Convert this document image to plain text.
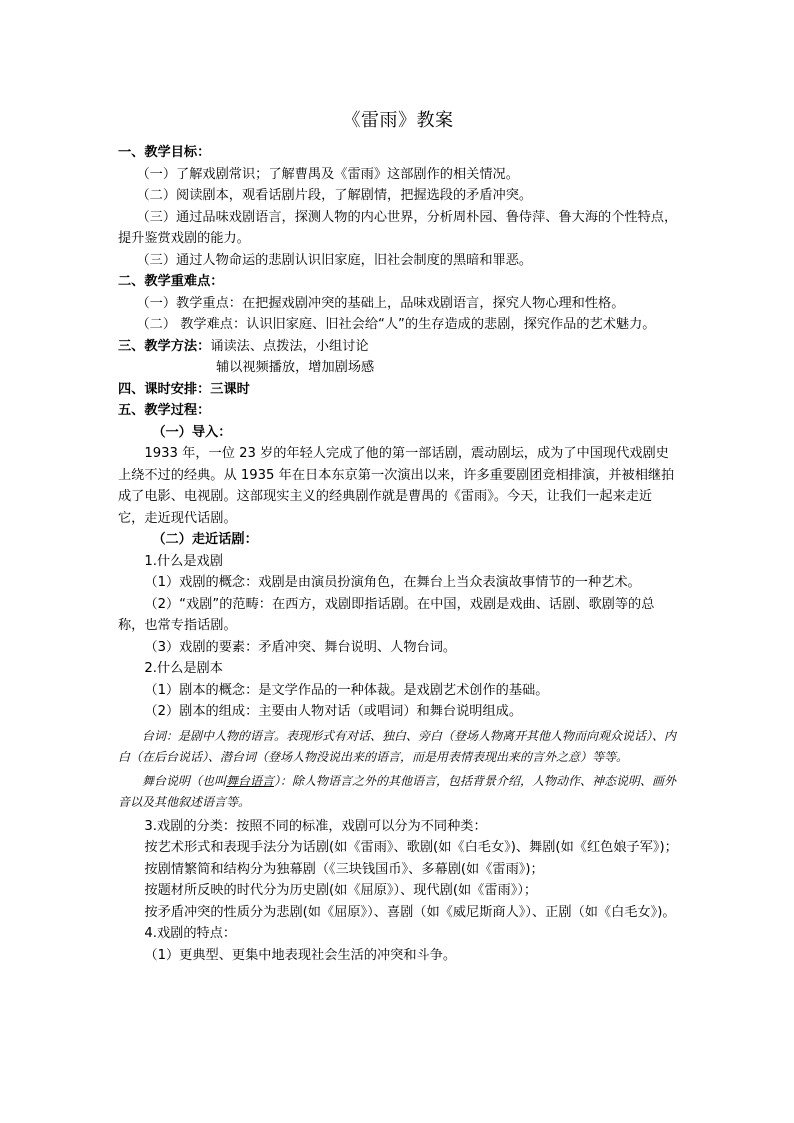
《雷雨》教案

一、教学目标：

（一）了解戏剧常识；了解曹禺及《雷雨》这部剧作的相关情况。

（二）阅读剧本，观看话剧片段，了解剧情，把握选段的矛盾冲突。

（三）通过品味戏剧语言，探测人物的内心世界，分析周朴园、鲁侍萍、鲁大海的个性特点，提升鉴赏戏剧的能力。

（三）通过人物命运的悲剧认识旧家庭，旧社会制度的黑暗和罪恶。

二、教学重难点：

（一）教学重点：在把握戏剧冲突的基础上，品味戏剧语言，探究人物心理和性格。

（二） 教学难点：认识旧家庭、旧社会给“人”的生存造成的悲剧，探究作品的艺术魅力。

三、教学方法：诵读法、点拨法，小组讨论

辅以视频播放，增加剧场感

四、课时安排：三课时

五、教学过程：

（一）导入：

1933 年，一位 23 岁的年轻人完成了他的第一部话剧，震动剧坛，成为了中国现代戏剧史上绕不过的经典。从 1935 年在日本东京第一次演出以来，许多重要剧团竞相排演，并被相继拍成了电影、电视剧。这部现实主义的经典剧作就是曹禺的《雷雨》。今天，让我们一起来走近它，走近现代话剧。

（二）走近话剧：

1.什么是戏剧

（1）戏剧的概念：戏剧是由演员扮演角色，在舞台上当众表演故事情节的一种艺术。

（2）“戏剧”的范畴：在西方，戏剧即指话剧。在中国，戏剧是戏曲、话剧、歌剧等的总称，也常专指话剧。

（3）戏剧的要素：矛盾冲突、舞台说明、人物台词。

2.什么是剧本

（1）剧本的概念：是文学作品的一种体裁。是戏剧艺术创作的基础。

（2）剧本的组成：主要由人物对话（或唱词）和舞台说明组成。

台词：是剧中人物的语言。表现形式有对话、独白、旁白（登场人物离开其他人物而向观众说话）、内白（在后台说话）、潜台词（登场人物没说出来的语言，而是用表情表现出来的言外之意）等等。

舞台说明（也叫舞台语言）：除人物语言之外的其他语言，包括背景介绍，人物动作、神态说明、画外音以及其他叙述语言等。

3.戏剧的分类：按照不同的标准，戏剧可以分为不同种类：

按艺术形式和表现手法分为话剧(如《雷雨》、歌剧(如《白毛女》)、舞剧(如《红色娘子军》)；

按剧情繁简和结构分为独幕剧（《三块钱国币》、多幕剧(如《雷雨》)；

按题材所反映的时代分为历史剧(如《屈原》）、现代剧(如《雷雨》）；

按矛盾冲突的性质分为悲剧(如《屈原》）、喜剧（如《威尼斯商人》）、正剧（如《白毛女》)。

4.戏剧的特点：

（1）更典型、更集中地表现社会生活的冲突和斗争。
